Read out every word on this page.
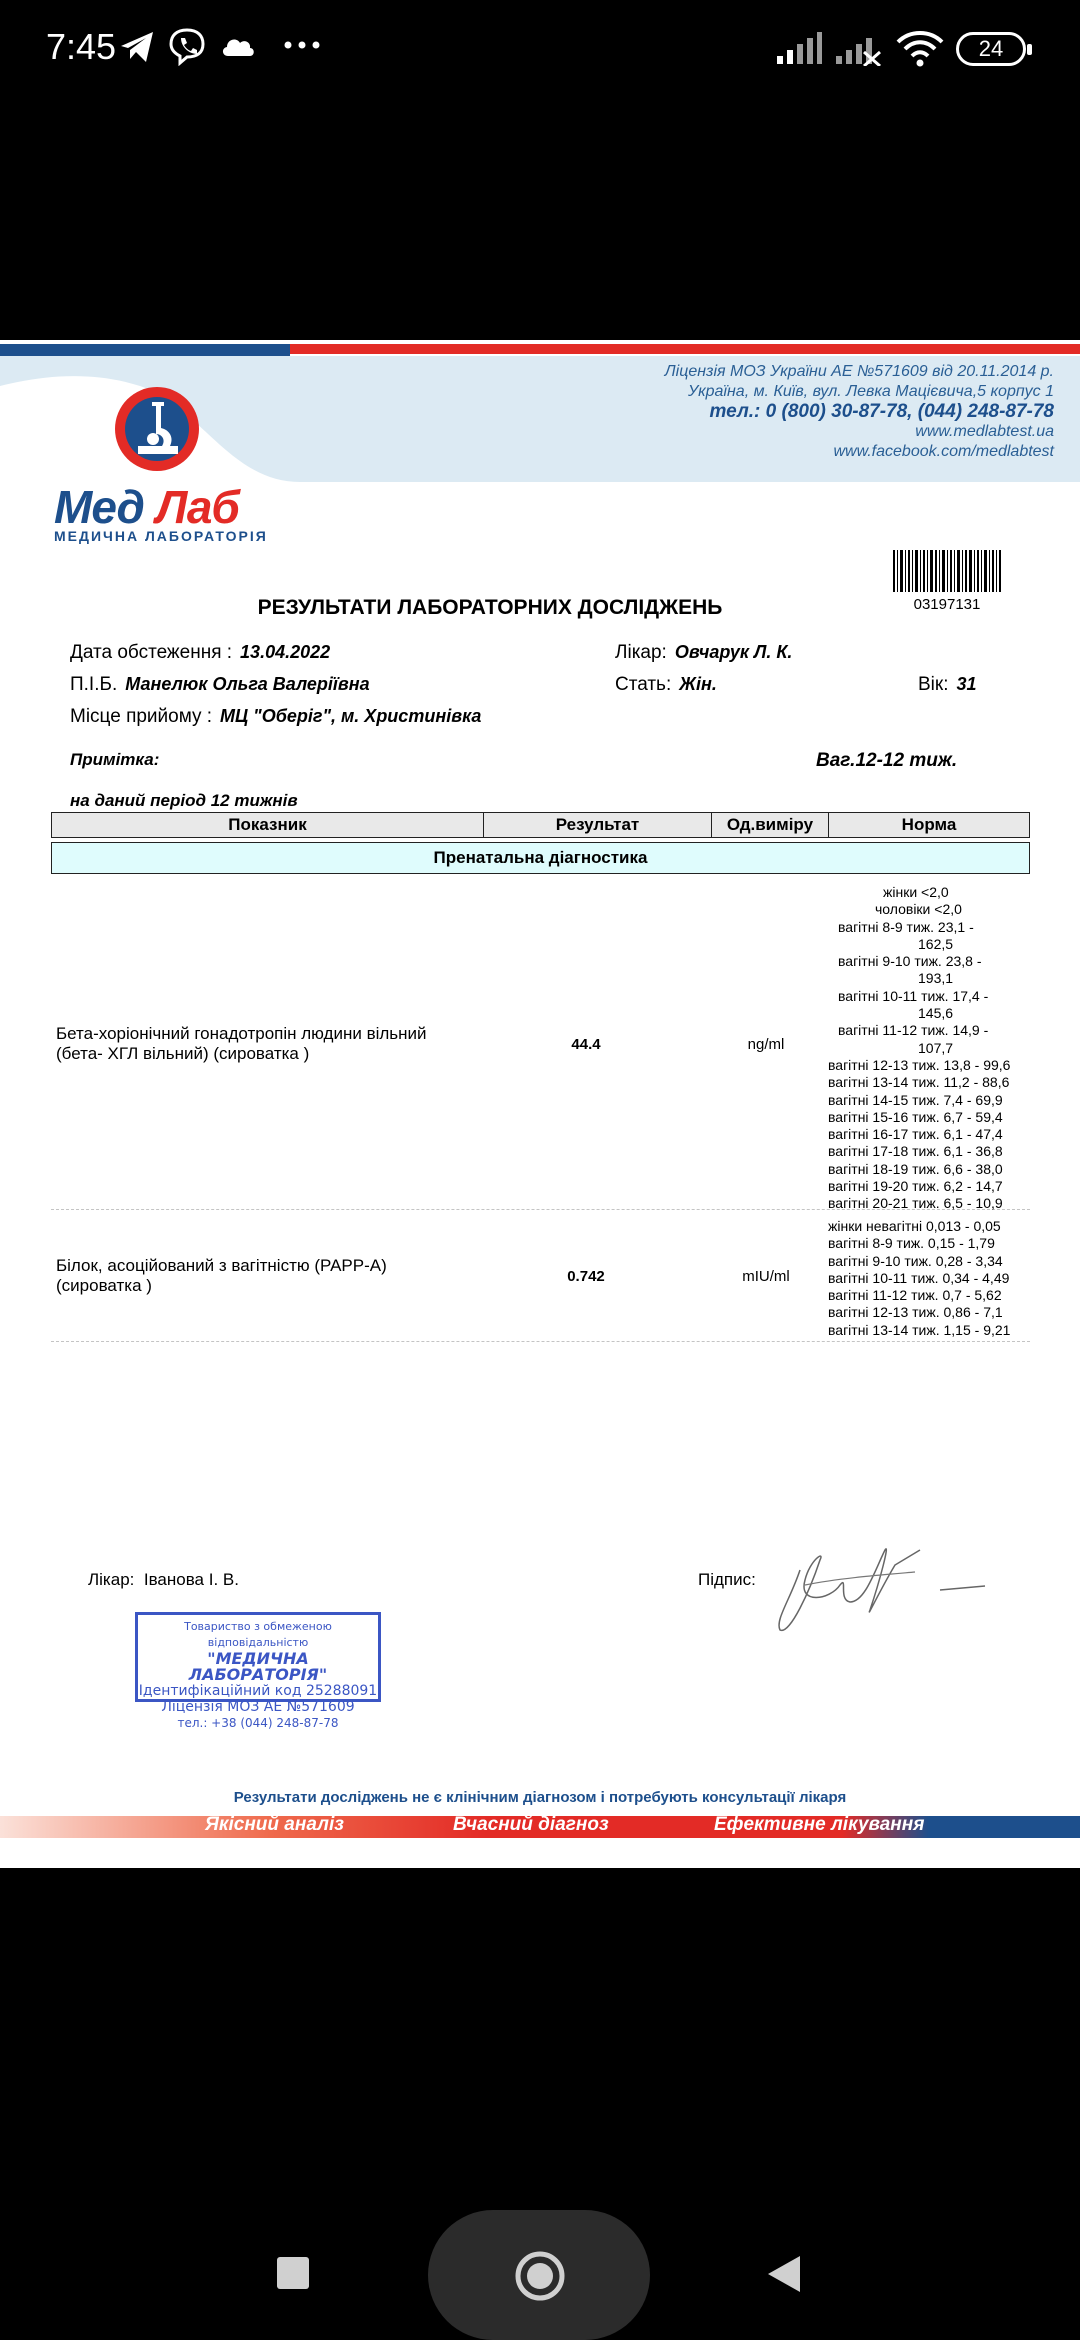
7:45	24
Ліцензія МОЗ України АЕ №571609 від 20.11.2014 р.
Україна, м. Київ, вул. Левка Мацієвича,5 корпус 1
тел.: 0 (800) 30-87-78, (044) 248-87-78
www.medlabtest.ua
www.facebook.com/medlabtest
Мед Лаб
МЕДИЧНА ЛАБОРАТОРІЯ
03197131
РЕЗУЛЬТАТИ ЛАБОРАТОРНИХ ДОСЛІДЖЕНЬ
Дата обстеження : 13.04.2022	Лікар: Овчарук Л. К.
П.І.Б. Манелюк Ольга Валеріївна	Стать: Жін.	Вік: 31
Місце прийому : МЦ "Оберіг", м. Христинівка
Примітка:	Ваг.12-12 тиж.
на даний період 12 тижнів
Показник	Результат	Од.виміру	Норма
Пренатальна діагностика
Бета-хоріонічний гонадотропін людини вільний
(бета- ХГЛ вільний) (сироватка )	44.4	ng/ml
жінки <2,0
чоловіки <2,0
вагітні 8-9 тиж. 23,1 -
162,5
вагітні 9-10 тиж. 23,8 -
193,1
вагітні 10-11 тиж. 17,4 -
145,6
вагітні 11-12 тиж. 14,9 -
107,7
вагітні 12-13 тиж. 13,8 - 99,6
вагітні 13-14 тиж. 11,2 - 88,6
вагітні 14-15 тиж. 7,4 - 69,9
вагітні 15-16 тиж. 6,7 - 59,4
вагітні 16-17 тиж. 6,1 - 47,4
вагітні 17-18 тиж. 6,1 - 36,8
вагітні 18-19 тиж. 6,6 - 38,0
вагітні 19-20 тиж. 6,2 - 14,7
вагітні 20-21 тиж. 6,5 - 10,9
Білок, асоційований з вагітністю (PAPP-A)
(сироватка )	0.742	mIU/ml
жінки невагітні 0,013 - 0,05
вагітні 8-9 тиж. 0,15 - 1,79
вагітні 9-10 тиж. 0,28 - 3,34
вагітні 10-11 тиж. 0,34 - 4,49
вагітні 11-12 тиж. 0,7 - 5,62
вагітні 12-13 тиж. 0,86 - 7,1
вагітні 13-14 тиж. 1,15 - 9,21
Лікар: Іванова І. В.	Підпис:
Товариство з обмеженою відповідальністю
"МЕДИЧНА ЛАБОРАТОРІЯ"
Ідентифікаційний код 25288091
Ліцензія МОЗ АЕ №571609
тел.: +38 (044) 248-87-78
Результати досліджень не є клінічним діагнозом і потребують консультації лікаря
Якісний аналіз	Вчасний діагноз	Ефективне лікування
